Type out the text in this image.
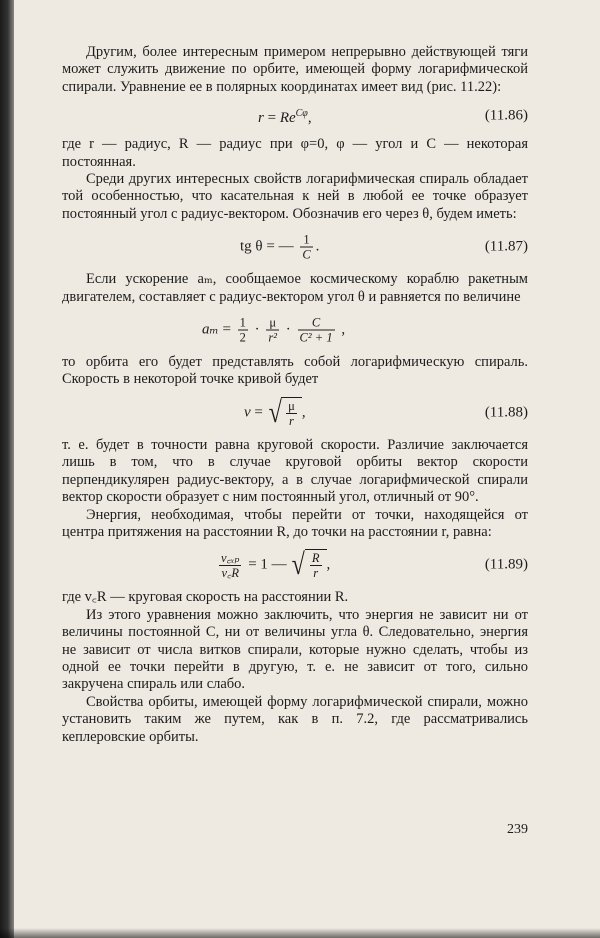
Другим, более интересным примером непрерывно действующей тяги может служить движение по орбите, имеющей форму логарифмической спирали. Уравнение ее в полярных координатах имеет вид (рис. 11.22):

$r = Re^{C\varphi}$,	(11.86)

где r — радиус, R — радиус при φ=0, φ — угол и C — некоторая постоянная.

Среди других интересных свойств логарифмическая спираль обладает той особенностью, что касательная к ней в любой ее точке образует постоянный угол с радиус-вектором. Обозначив его через θ, будем иметь:

tg θ = — $\frac{1}{C}$ .	(11.87)

Если ускорение aₘ, сообщаемое космическому кораблю ракетным двигателем, составляет с радиус-вектором угол θ и равняется по величине

$a_m = \frac{1}{2} \cdot \frac{\mu}{\text{r²}} \cdot \frac{C}{\text{C² + 1}}$ ,

то орбита его будет представлять собой логарифмическую спираль. Скорость в некоторой точке кривой будет

v = √ $\frac{\mu}{r}$ ,	(11.88)

т. е. будет в точности равна круговой скорости. Различие заключается лишь в том, что в случае круговой орбиты вектор скорости перпендикулярен радиус-вектору, а в случае логарифмической спирали вектор скорости образует с ним постоянный угол, отличный от 90°.

Энергия, необходимая, чтобы перейти от точки, находящейся от центра притяжения на расстоянии R, до точки на расстоянии r, равна:

$\frac{\text{v꜀ₓₚ}}{v꜀R} = 1$ — √ $\frac{R}{r}$ ,	(11.89)

где v꜀R — круговая скорость на расстоянии R.

Из этого уравнения можно заключить, что энергия не зависит ни от величины постоянной C, ни от величины угла θ. Следовательно, энергия не зависит от числа витков спирали, которые нужно сделать, чтобы из одной ее точки перейти в другую, т. е. не зависит от того, сильно закручена спираль или слабо.

Свойства орбиты, имеющей форму логарифмической спирали, можно установить таким же путем, как в п. 7.2, где рассматривались кеплеровские орбиты.

239
